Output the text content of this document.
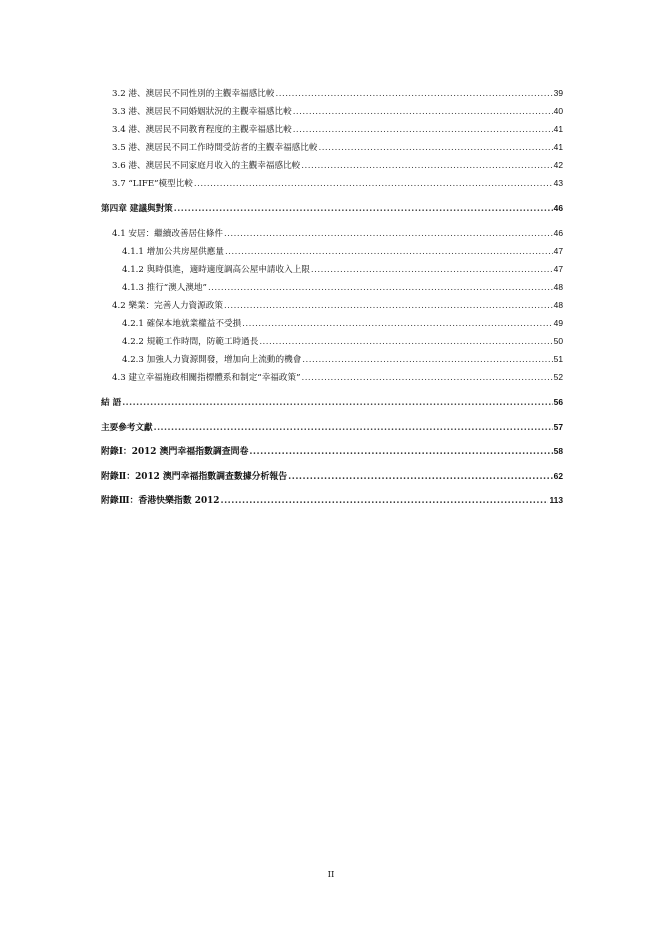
3.2 港、澳居民不同性別的主觀幸福感比較 .....	39
3.3 港、澳居民不同婚姻狀況的主觀幸福感比較 .....	40
3.4 港、澳居民不同教育程度的主觀幸福感比較 .....	41
3.5 港、澳居民不同工作時間受訪者的主觀幸福感比較 .....	41
3.6 港、澳居民不同家庭月收入的主觀幸福感比較 .....	42
3.7 “LIFE”模型比較 .....	43
第四章 建議與對策 .....	46
4.1 安居：繼續改善居住條件 .....	46
4.1.1 增加公共房屋供應量 .....	47
4.1.2 與時俱進，適時適度調高公屋申請收入上限 .....	47
4.1.3 推行“澳人澳地” .....	48
4.2 樂業：完善人力資源政策 .....	48
4.2.1 確保本地就業權益不受損 .....	49
4.2.2 規範工作時間，防範工時過長 .....	50
4.2.3 加強人力資源開發，增加向上流動的機會 .....	51
4.3 建立幸福施政相關指標體系和制定“幸福政策” .....	52
結 語 .....	56
主要參考文獻 .....	57
附錄Ⅰ：2012 澳門幸福指數調查問卷 .....	58
附錄Ⅱ：2012 澳門幸福指數調查數據分析報告 .....	62
附錄Ⅲ：香港快樂指數 2012 .....	113
II
